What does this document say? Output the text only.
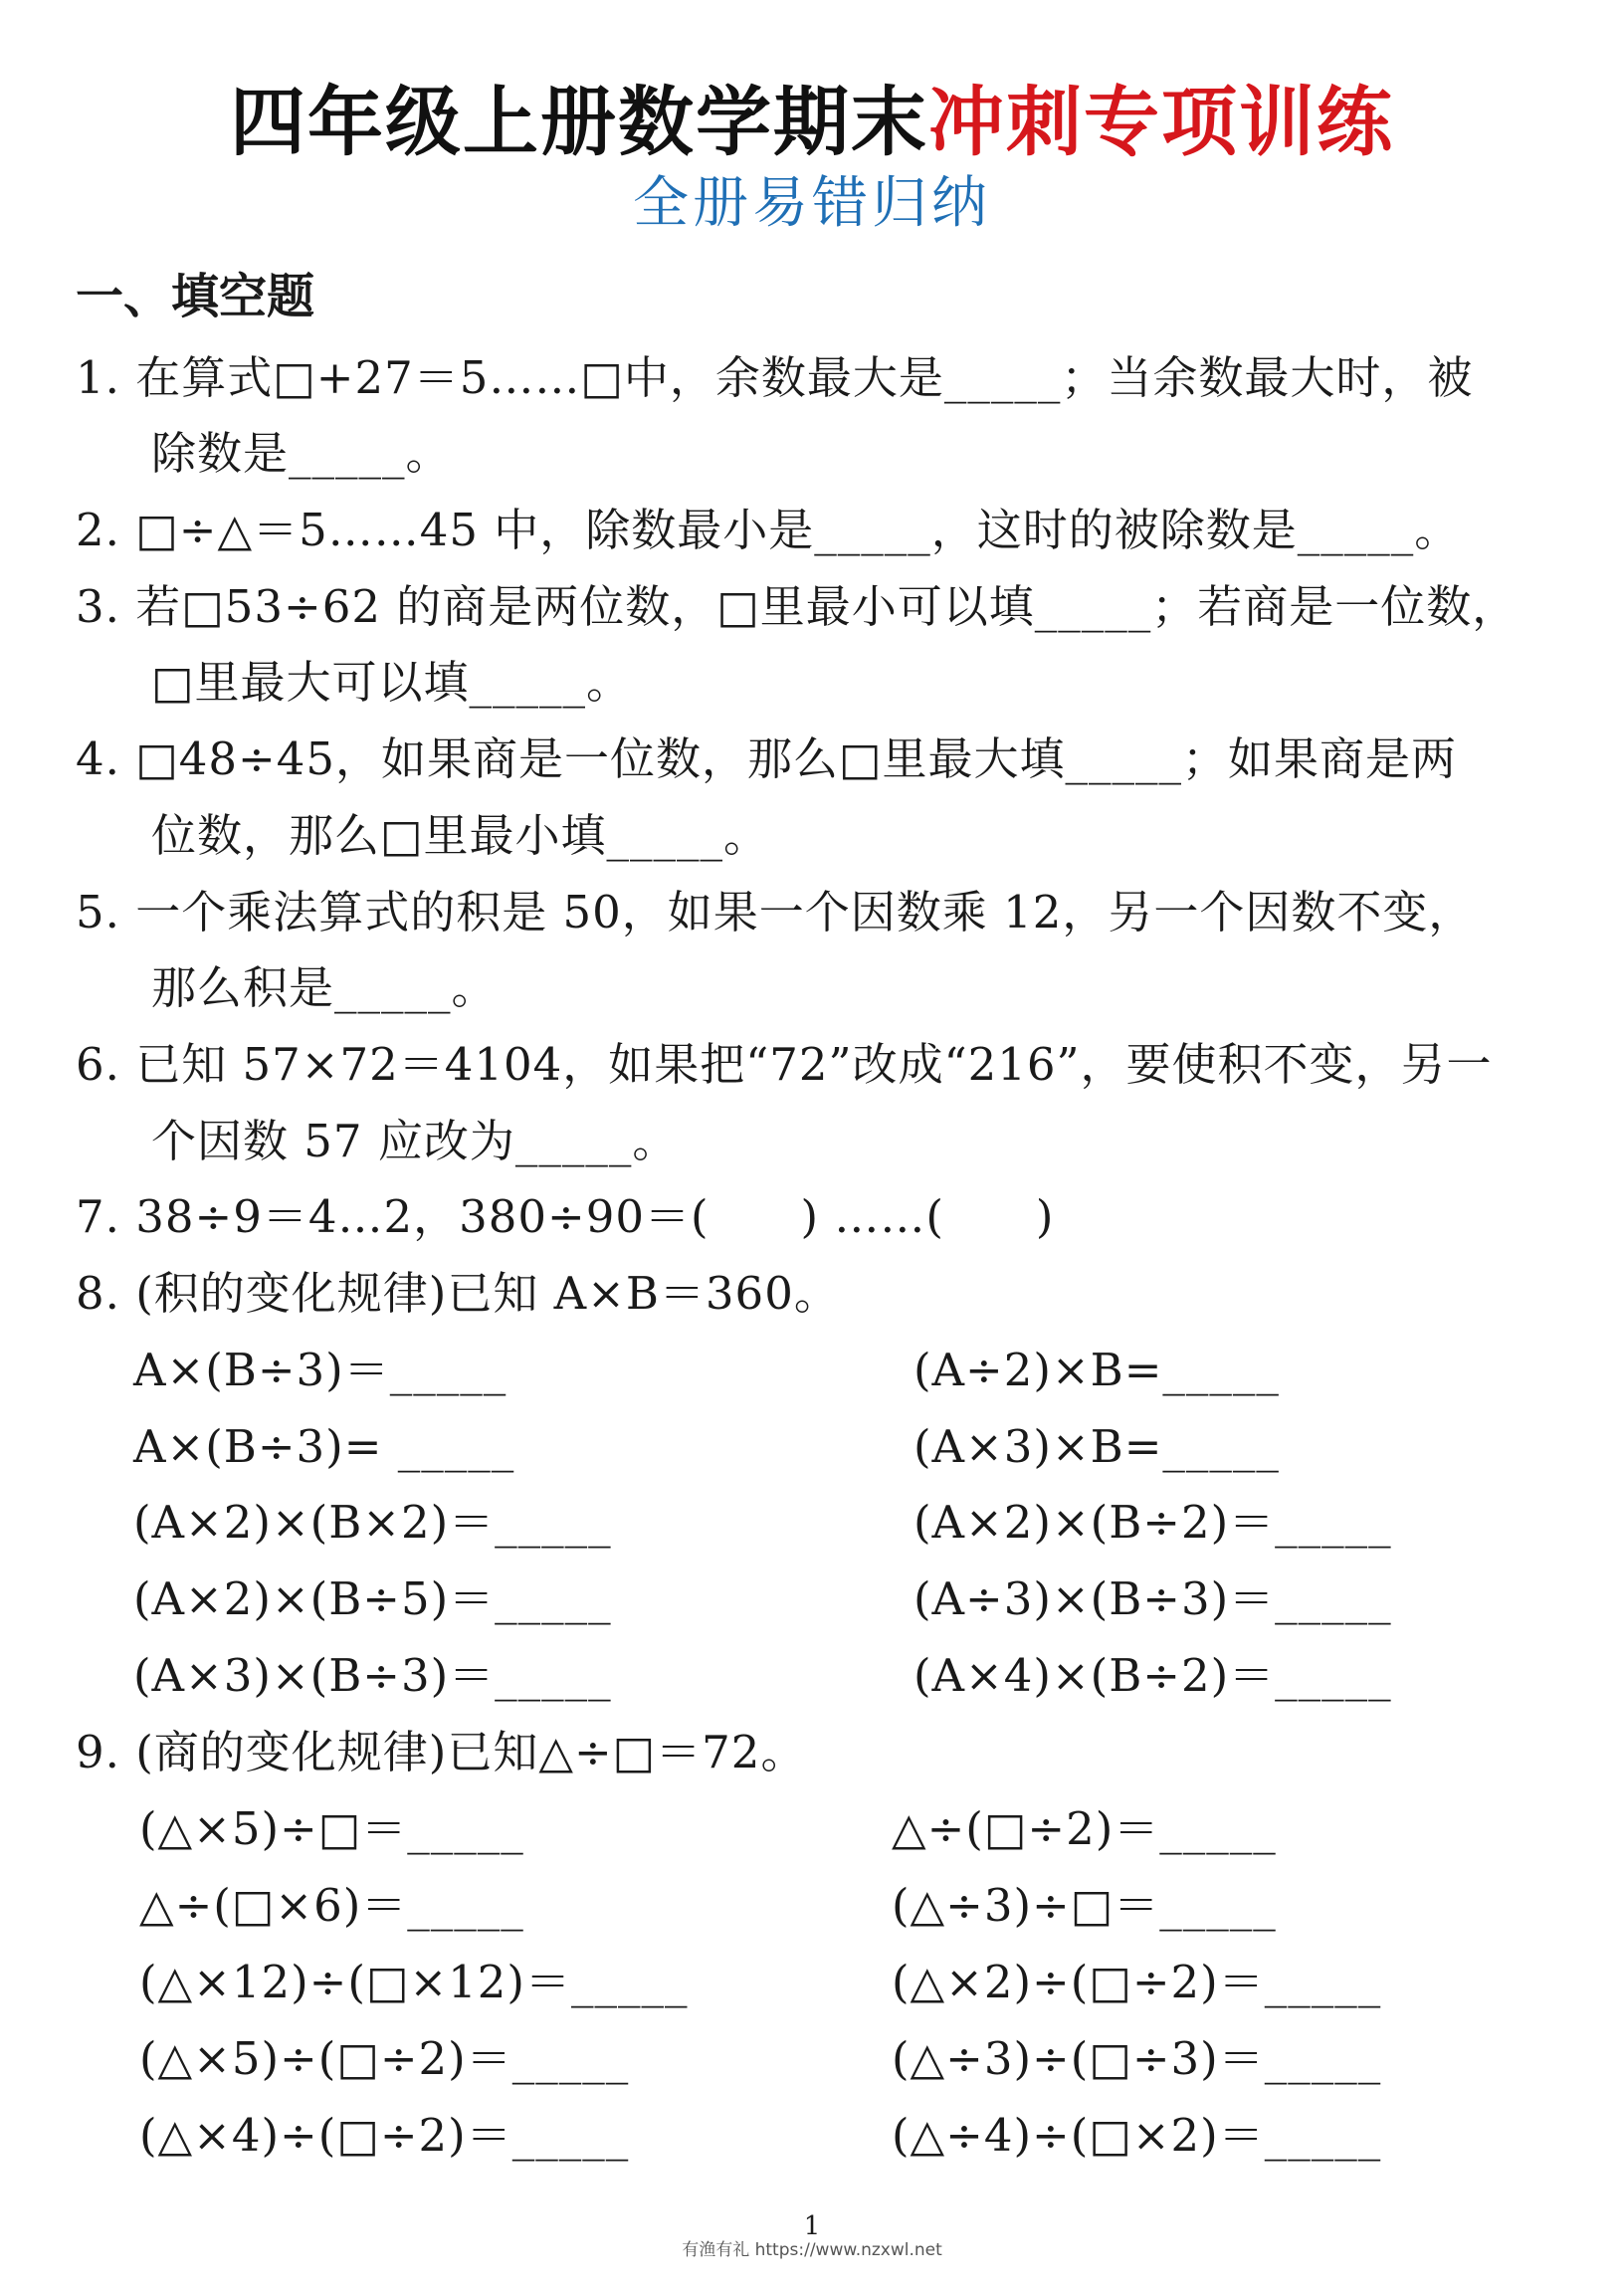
四年级上册数学期末冲刺专项训练
全册易错归纳
一、填空题
1. 在算式□+27＝5……□中，余数最大是_____；当余数最大时，被
除数是_____。
2. □÷△＝5……45 中，除数最小是_____，这时的被除数是_____。
3. 若□53÷62 的商是两位数，□里最小可以填_____；若商是一位数，
□里最大可以填_____。
4. □48÷45，如果商是一位数，那么□里最大填_____；如果商是两
位数，那么□里最小填_____。
5. 一个乘法算式的积是 50，如果一个因数乘 12，另一个因数不变，
那么积是_____。
6. 已知 57×72＝4104，如果把“72”改成“216”，要使积不变，另一
个因数 57 应改为_____。
7. 38÷9＝4…2，380÷90＝(　　) ……(　　)
8. (积的变化规律)已知 A×B＝360。
A×(B÷3)＝_____	(A÷2)×B=_____
A×(B÷3)= _____	(A×3)×B=_____
(A×2)×(B×2)＝_____	(A×2)×(B÷2)＝_____
(A×2)×(B÷5)＝_____	(A÷3)×(B÷3)＝_____
(A×3)×(B÷3)＝_____	(A×4)×(B÷2)＝_____
9. (商的变化规律)已知△÷□＝72。
(△×5)÷□＝_____	△÷(□÷2)＝_____
△÷(□×6)＝_____	(△÷3)÷□＝_____
(△×12)÷(□×12)＝_____	(△×2)÷(□÷2)＝_____
(△×5)÷(□÷2)＝_____	(△÷3)÷(□÷3)＝_____
(△×4)÷(□÷2)＝_____	(△÷4)÷(□×2)＝_____
1
有渔有礼 https://www.nzxwl.net
